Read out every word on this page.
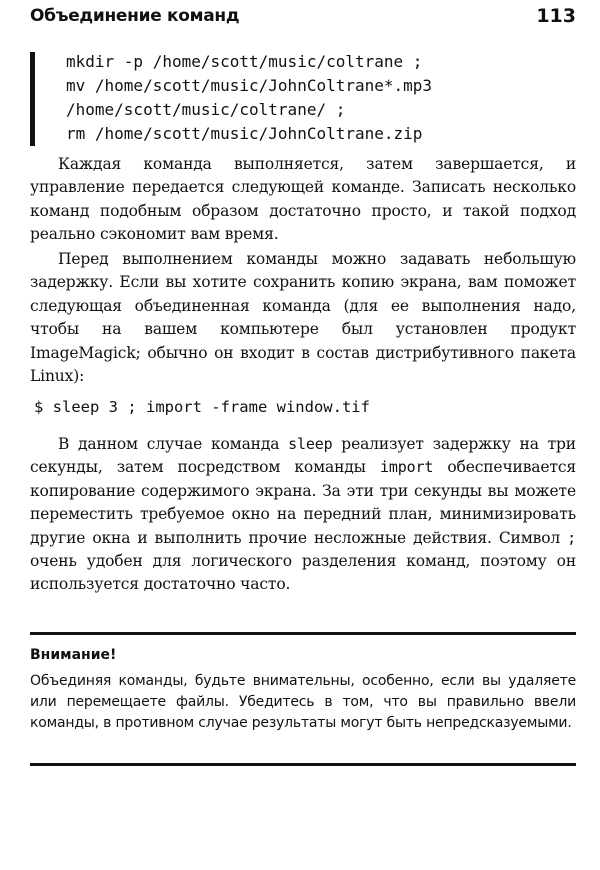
Объединение команд	113
mkdir -p /home/scott/music/coltrane ;
mv /home/scott/music/JohnColtrane*.mp3
/home/scott/music/coltrane/ ;
rm /home/scott/music/JohnColtrane.zip

Каждая команда выполняется, затем завершается, и управление передается следующей команде. Записать несколько команд подобным образом достаточно просто, и такой подход реально сэкономит вам время.

Перед выполнением команды можно задавать небольшую задержку. Если вы хотите сохранить копию экрана, вам поможет следующая объединенная команда (для ее выполнения надо, чтобы на вашем компьютере был установлен продукт ImageMagick; обычно он входит в состав дистрибутивного пакета Linux):

$ sleep 3 ; import -frame window.tif

В данном случае команда sleep реализует задержку на три секунды, затем посредством команды import обеспечивается копирование содержимого экрана. За эти три секунды вы можете переместить требуемое окно на передний план, минимизировать другие окна и выполнить прочие несложные действия. Символ ; очень удобен для логического разделения команд, поэтому он используется достаточно часто.

Внимание!

Объединяя команды, будьте внимательны, особенно, если вы удаляете или перемещаете файлы. Убедитесь в том, что вы правильно ввели команды, в противном случае результаты могут быть непредсказуемыми.
